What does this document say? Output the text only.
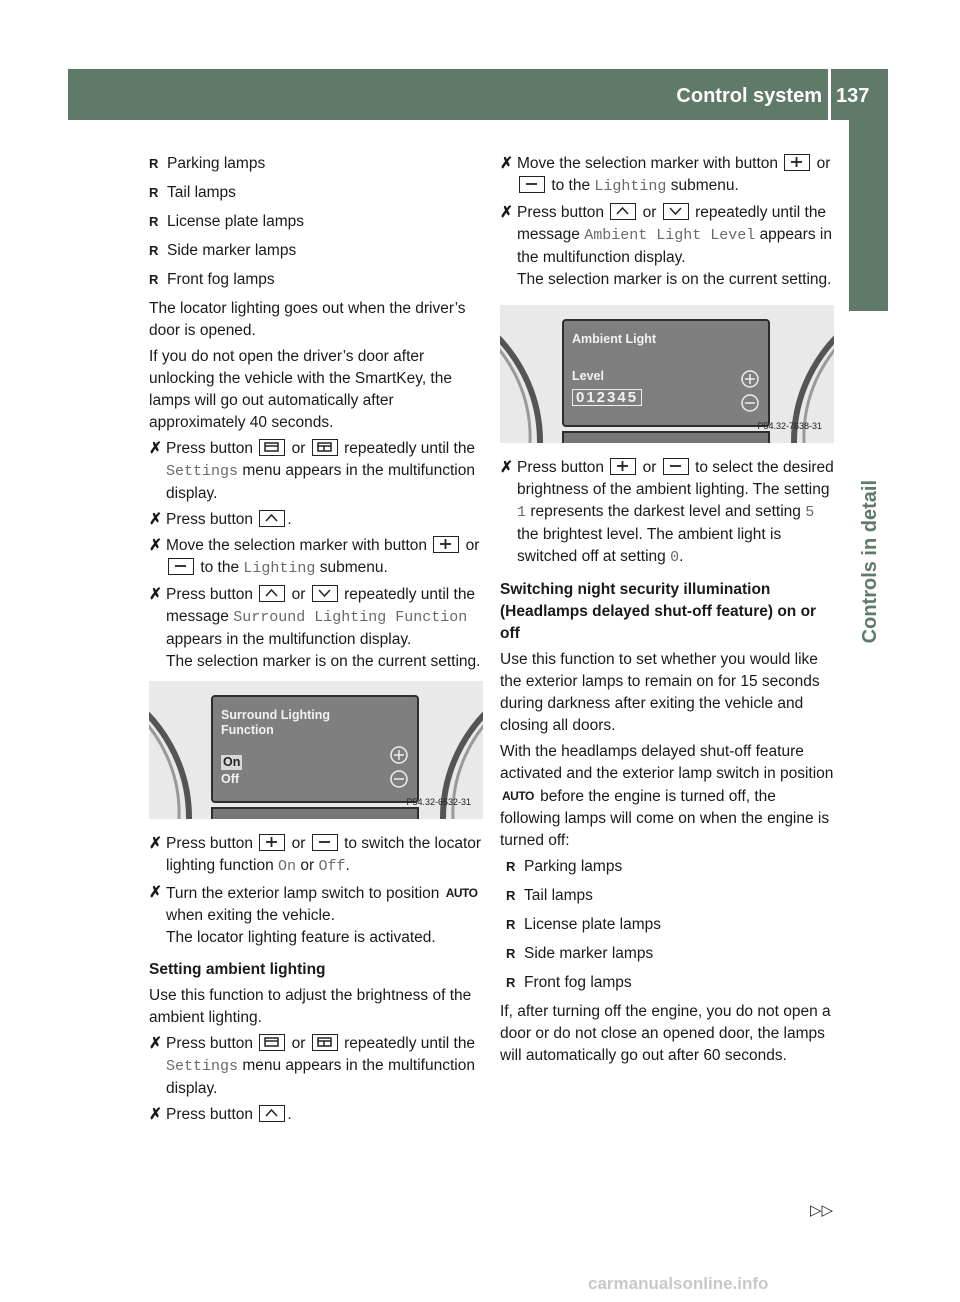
Control system 137
Controls in detail
R Parking lamps
R Tail lamps
R License plate lamps
R Side marker lamps
R Front fog lamps
The locator lighting goes out when the driver’s door is opened.
If you do not open the driver’s door after unlocking the vehicle with the SmartKey, the lamps will go out automatically after approximately 40 seconds.
✗ Press button or repeatedly until the Settings menu appears in the multifunction display.
✗ Press button .
✗ Move the selection marker with button or
to the Lighting submenu.
✗ Press button or repeatedly until the message Surround Lighting Function appears in the multifunction display.
The selection marker is on the current setting.
Surround Lighting
Function
On
Off
P54.32-6532-31
✗ Press button or to switch the locator lighting function On or Off.
✗ Turn the exterior lamp switch to position AUTO when exiting the vehicle.
The locator lighting feature is activated.
Setting ambient lighting
Use this function to adjust the brightness of the ambient lighting.
✗ Press button or repeatedly until the Settings menu appears in the multifunction display.
✗ Press button .
✗ Move the selection marker with button or
to the Lighting submenu.
✗ Press button or repeatedly until the message Ambient Light Level appears in the multifunction display.
The selection marker is on the current setting.
Ambient Light
Level
012345
P54.32-7638-31
✗ Press button or to select the desired brightness of the ambient lighting. The setting 1 represents the darkest level and setting 5 the brightest level. The ambient light is switched off at setting 0.
Switching night security illumination (Headlamps delayed shut-off feature) on or off
Use this function to set whether you would like the exterior lamps to remain on for 15 seconds during darkness after exiting the vehicle and closing all doors.
With the headlamps delayed shut-off feature activated and the exterior lamp switch in position AUTO before the engine is turned off, the following lamps will come on when the engine is turned off:
R Parking lamps
R Tail lamps
R License plate lamps
R Side marker lamps
R Front fog lamps
If, after turning off the engine, you do not open a door or do not close an opened door, the lamps will automatically go out after 60 seconds.
▷▷
carmanualsonline.info
